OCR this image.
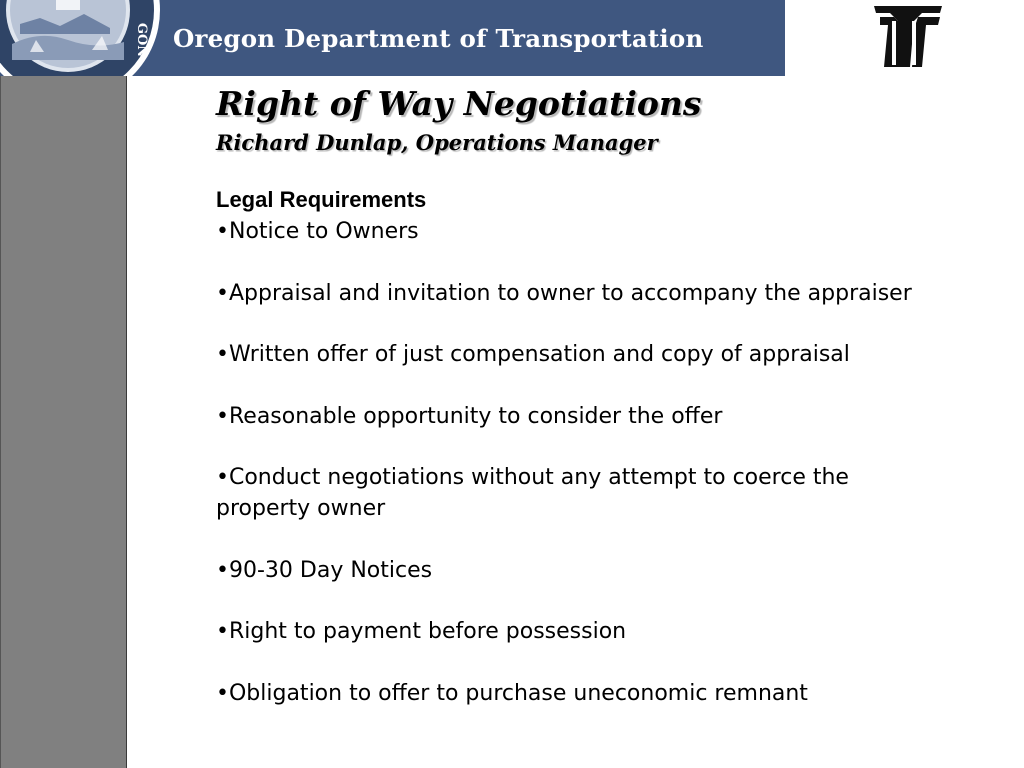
GON Oregon Department of Transportation
Right of Way Negotiations
Richard Dunlap, Operations Manager
Legal Requirements
• Notice to Owners
• Appraisal and invitation to owner to accompany the appraiser
• Written offer of just compensation and copy of appraisal
• Reasonable opportunity to consider the offer
• Conduct negotiations without any attempt to coerce the property owner
• 90-30 Day Notices
• Right to payment before possession
• Obligation to offer to purchase uneconomic remnant
